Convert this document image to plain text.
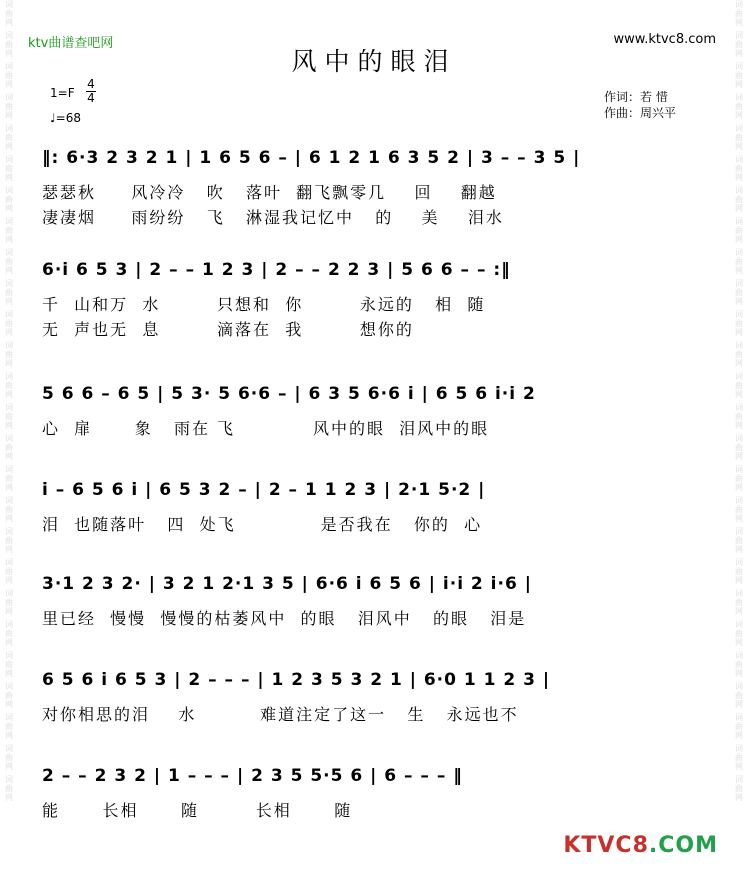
词
曲
网
词
曲
网
词
曲
网
词
曲
网
词
曲
网
词
曲
网
词
曲
网
词
曲
网
词
曲
网
词
曲
网
词
曲
网
词
曲
网
词
曲
网
词
曲
网
词
曲
网
词
曲
网
词
曲
网
词
曲
网
词
曲
网
词
曲
网
词
曲
网
词
曲
网
词
曲
网
词
曲
网
词
曲
网
词
曲
网
词
曲
网
词
曲
网
词
曲
网
词
曲
网
词
曲
网
词
曲
网
词
曲
网
词
曲
网
词
曲
网
词
曲
网
词
曲
网
词
曲
网
词
曲
网
词
曲
网
词
曲
网
词
曲
网
词
曲
网
词
曲
网
词
曲
网
词
曲
网
词
曲
网
词
曲
网
词
曲
网
词
曲
网
词
曲
网
词
曲
网
ktv曲谱查吧网	www.ktvc8.com
风中的眼泪
1=F
4
4
♩=68
作词：若 惜
作曲：周兴平
‖: 6·3 2 3 2 1 | 1 6 5 6 – | 6 1 2 1 6 3 5 2 | 3 – – 3 5 |
瑟瑟秋     风冷冷   吹   落叶  翻飞飘零几    回    翻越
凄凄烟     雨纷纷   飞   淋湿我记忆中   的    美    泪水
6·i 6 5 3 | 2 – – 1 2 3 | 2 – – 2 2 3 | 5 6 6 – – :‖
千  山和万  水        只想和  你        永远的   相  随
无  声也无  息        滴落在  我        想你的
5 6 6 – 6 5 | 5 3· 5 6·6 – | 6 3 5 6·6 i | 6 5 6 i·i 2
心  扉      象   雨在 飞           风中的眼  泪风中的眼
i – 6 5 6 i | 6 5 3 2 – | 2 – 1 1 2 3 | 2·1 5·2 |
泪  也随落叶   四  处飞            是否我在   你的  心
3·1 2 3 2· | 3 2 1 2·1 3 5 | 6·6 i 6 5 6 | i·i 2 i·6 |
里已经  慢慢  慢慢的枯萎风中  的眼   泪风中   的眼   泪是
6 5 6 i 6 5 3 | 2 – – – | 1 2 3 5 3 2 1 | 6·0 1 1 2 3 |
对你相思的泪    水         难道注定了这一   生   永远也不
2 – – 2 3 2 | 1 – – – | 2 3 5 5·5 6 | 6 – – – ‖
能      长相      随        长相      随
KTVC8.COM
